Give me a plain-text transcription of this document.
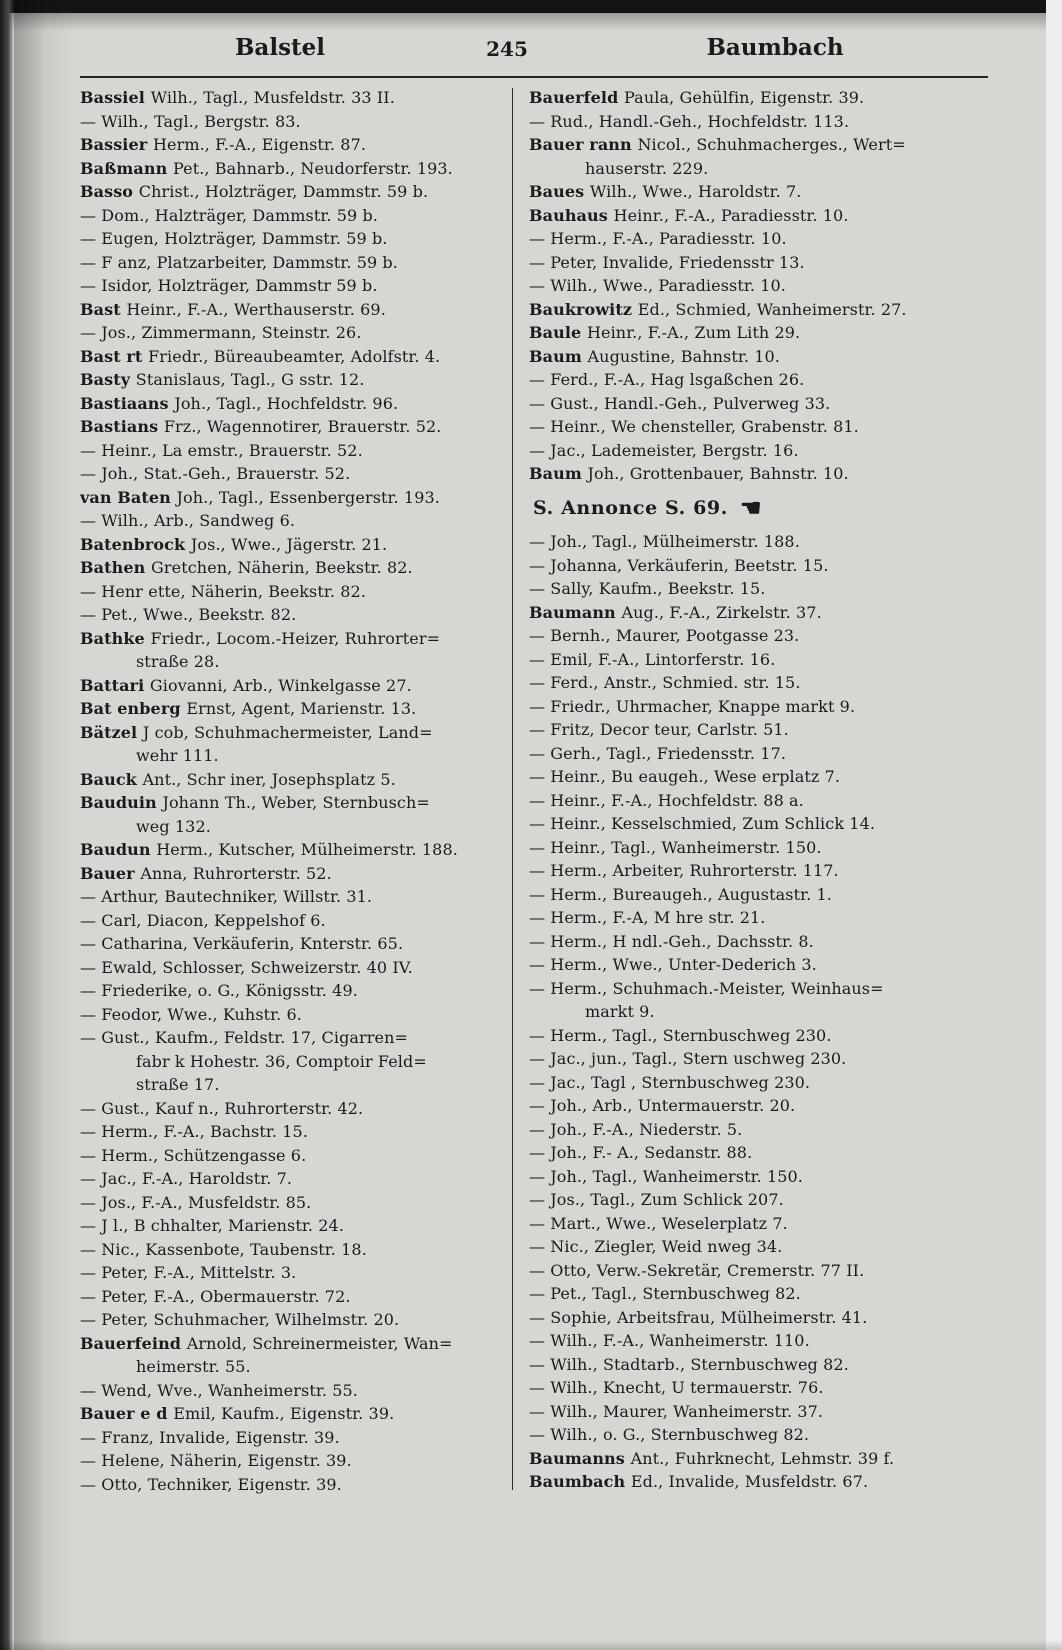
Balstel	245	Baumbach

Bassiel Wilh., Tagl., Musfeldstr. 33 II.

— Wilh., Tagl., Bergstr. 83.

Bassier Herm., F.-A., Eigenstr. 87.

Baßmann Pet., Bahnarb., Neudorferstr. 193.

Basso Christ., Holzträger, Dammstr. 59 b.

— Dom., Halzträger, Dammstr. 59 b.

— Eugen, Holzträger, Dammstr. 59 b.

— F anz, Platzarbeiter, Dammstr. 59 b.

— Isidor, Holzträger, Dammstr 59 b.

Bast Heinr., F.-A., Werthauserstr. 69.

— Jos., Zimmermann, Steinstr. 26.

Bast rt Friedr., Büreaubeamter, Adolfstr. 4.

Basty Stanislaus, Tagl., G sstr. 12.

Bastiaans Joh., Tagl., Hochfeldstr. 96.

Bastians Frz., Wagennotirer, Brauerstr. 52.

— Heinr., La emstr., Brauerstr. 52.

— Joh., Stat.-Geh., Brauerstr. 52.

van Baten Joh., Tagl., Essenbergerstr. 193.

— Wilh., Arb., Sandweg 6.

Batenbrock Jos., Wwe., Jägerstr. 21.

Bathen Gretchen, Näherin, Beekstr. 82.

— Henr ette, Näherin, Beekstr. 82.

— Pet., Wwe., Beekstr. 82.

Bathke Friedr., Locom.-Heizer, Ruhrorter=

straße 28.

Battari Giovanni, Arb., Winkelgasse 27.

Bat enberg Ernst, Agent, Marienstr. 13.

Bätzel J cob, Schuhmachermeister, Land=

wehr 111.

Bauck Ant., Schr iner, Josephsplatz 5.

Bauduin Johann Th., Weber, Sternbusch=

weg 132.

Baudun Herm., Kutscher, Mülheimerstr. 188.

Bauer Anna, Ruhrorterstr. 52.

— Arthur, Bautechniker, Willstr. 31.

— Carl, Diacon, Keppelshof 6.

— Catharina, Verkäuferin, Knterstr. 65.

— Ewald, Schlosser, Schweizerstr. 40 IV.

— Friederike, o. G., Königsstr. 49.

— Feodor, Wwe., Kuhstr. 6.

— Gust., Kaufm., Feldstr. 17, Cigarren=

fabr k Hohestr. 36, Comptoir Feld=

straße 17.

— Gust., Kauf n., Ruhrorterstr. 42.

— Herm., F.-A., Bachstr. 15.

— Herm., Schützengasse 6.

— Jac., F.-A., Haroldstr. 7.

— Jos., F.-A., Musfeldstr. 85.

— J l., B chhalter, Marienstr. 24.

— Nic., Kassenbote, Taubenstr. 18.

— Peter, F.-A., Mittelstr. 3.

— Peter, F.-A., Obermauerstr. 72.

— Peter, Schuhmacher, Wilhelmstr. 20.

Bauerfeind Arnold, Schreinermeister, Wan=

heimerstr. 55.

— Wend, Wve., Wanheimerstr. 55.

Bauer e d Emil, Kaufm., Eigenstr. 39.

— Franz, Invalide, Eigenstr. 39.

— Helene, Näherin, Eigenstr. 39.

— Otto, Techniker, Eigenstr. 39.

Bauerfeld Paula, Gehülfin, Eigenstr. 39.

— Rud., Handl.-Geh., Hochfeldstr. 113.

Bauer rann Nicol., Schuhmacherges., Wert=

hauserstr. 229.

Baues Wilh., Wwe., Haroldstr. 7.

Bauhaus Heinr., F.-A., Paradiesstr. 10.

— Herm., F.-A., Paradiesstr. 10.

— Peter, Invalide, Friedensstr 13.

— Wilh., Wwe., Paradiesstr. 10.

Baukrowitz Ed., Schmied, Wanheimerstr. 27.

Baule Heinr., F.-A., Zum Lith 29.

Baum Augustine, Bahnstr. 10.

— Ferd., F.-A., Hag lsgaßchen 26.

— Gust., Handl.-Geh., Pulverweg 33.

— Heinr., We chensteller, Grabenstr. 81.

— Jac., Lademeister, Bergstr. 16.

Baum Joh., Grottenbauer, Bahnstr. 10.

S. Annonce S. 69. ☚

— Joh., Tagl., Mülheimerstr. 188.

— Johanna, Verkäuferin, Beetstr. 15.

— Sally, Kaufm., Beekstr. 15.

Baumann Aug., F.-A., Zirkelstr. 37.

— Bernh., Maurer, Pootgasse 23.

— Emil, F.-A., Lintorferstr. 16.

— Ferd., Anstr., Schmied. str. 15.

— Friedr., Uhrmacher, Knappe markt 9.

— Fritz, Decor teur, Carlstr. 51.

— Gerh., Tagl., Friedensstr. 17.

— Heinr., Bu eaugeh., Wese erplatz 7.

— Heinr., F.-A., Hochfeldstr. 88 a.

— Heinr., Kesselschmied, Zum Schlick 14.

— Heinr., Tagl., Wanheimerstr. 150.

— Herm., Arbeiter, Ruhrorterstr. 117.

— Herm., Bureaugeh., Augustastr. 1.

— Herm., F.-A, M hre str. 21.

— Herm., H ndl.-Geh., Dachsstr. 8.

— Herm., Wwe., Unter-Dederich 3.

— Herm., Schuhmach.-Meister, Weinhaus=

markt 9.

— Herm., Tagl., Sternbuschweg 230.

— Jac., jun., Tagl., Stern uschweg 230.

— Jac., Tagl , Sternbuschweg 230.

— Joh., Arb., Untermauerstr. 20.

— Joh., F.-A., Niederstr. 5.

— Joh., F.- A., Sedanstr. 88.

— Joh., Tagl., Wanheimerstr. 150.

— Jos., Tagl., Zum Schlick 207.

— Mart., Wwe., Weselerplatz 7.

— Nic., Ziegler, Weid nweg 34.

— Otto, Verw.-Sekretär, Cremerstr. 77 II.

— Pet., Tagl., Sternbuschweg 82.

— Sophie, Arbeitsfrau, Mülheimerstr. 41.

— Wilh., F.-A., Wanheimerstr. 110.

— Wilh., Stadtarb., Sternbuschweg 82.

— Wilh., Knecht, U termauerstr. 76.

— Wilh., Maurer, Wanheimerstr. 37.

— Wilh., o. G., Sternbuschweg 82.

Baumanns Ant., Fuhrknecht, Lehmstr. 39 f.

Baumbach Ed., Invalide, Musfeldstr. 67.
